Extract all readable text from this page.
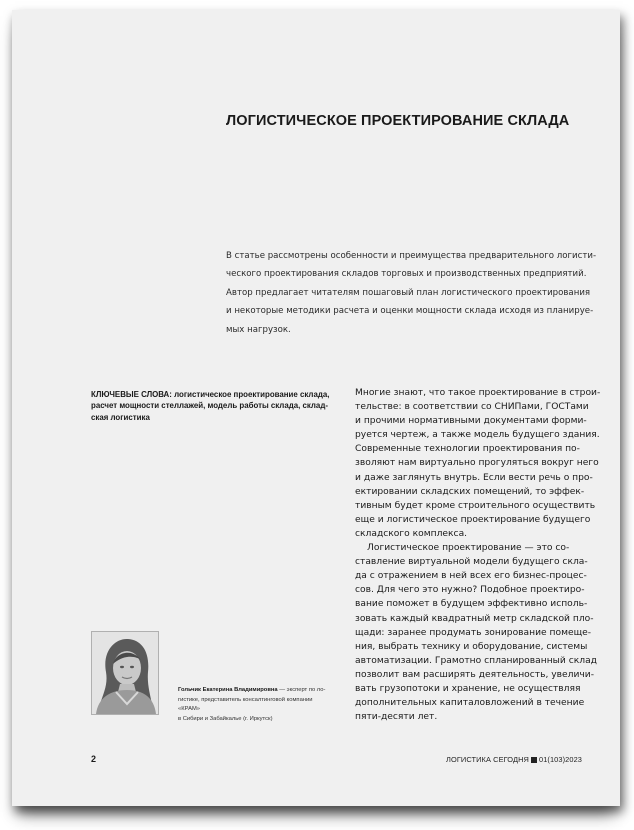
ЛОГИСТИЧЕСКОЕ ПРОЕКТИРОВАНИЕ СКЛАДА
В статье рассмотрены особенности и преимущества предварительного логисти-
ческого проектирования складов торговых и производственных предприятий.
Автор предлагает читателям пошаговый план логистического проектирования
и некоторые методики расчета и оценки мощности склада исходя из планируе-
мых нагрузок.
КЛЮЧЕВЫЕ СЛОВА: логистическое проектирование склада,
расчет мощности стеллажей, модель работы склада, склад-
ская логистика
Многие знают, что такое проектирование в строи-
тельстве: в соответствии со СНИПами, ГОСТами
и прочими нормативными документами форми-
руется чертеж, а также модель будущего здания.
Современные технологии проектирования по-
зволяют нам виртуально прогуляться вокруг него
и даже заглянуть внутрь. Если вести речь о про-
ектировании складских помещений, то эффек-
тивным будет кроме строительного осуществить
еще и логистическое проектирование будущего
складского комплекса.
Логистическое проектирование — это со-
ставление виртуальной модели будущего скла-
да с отражением в ней всех его бизнес-процес-
сов. Для чего это нужно? Подобное проектиро-
вание поможет в будущем эффективно исполь-
зовать каждый квадратный метр складской пло-
щади: заранее продумать зонирование помеще-
ния, выбрать технику и оборудование, системы
автоматизации. Грамотно спланированный склад
позволит вам расширять деятельность, увеличи-
вать грузопотоки и хранение, не осуществляя
дополнительных капиталовложений в течение
пяти-десяти лет.
Гольчик Екатерина Владимировна — эксперт по ло-
гистике, представитель консалтинговой компании «КРАМ»
в Сибири и Забайкалье (г. Иркутск)
2	ЛОГИСТИКА СЕГОДНЯ 01(103)2023
